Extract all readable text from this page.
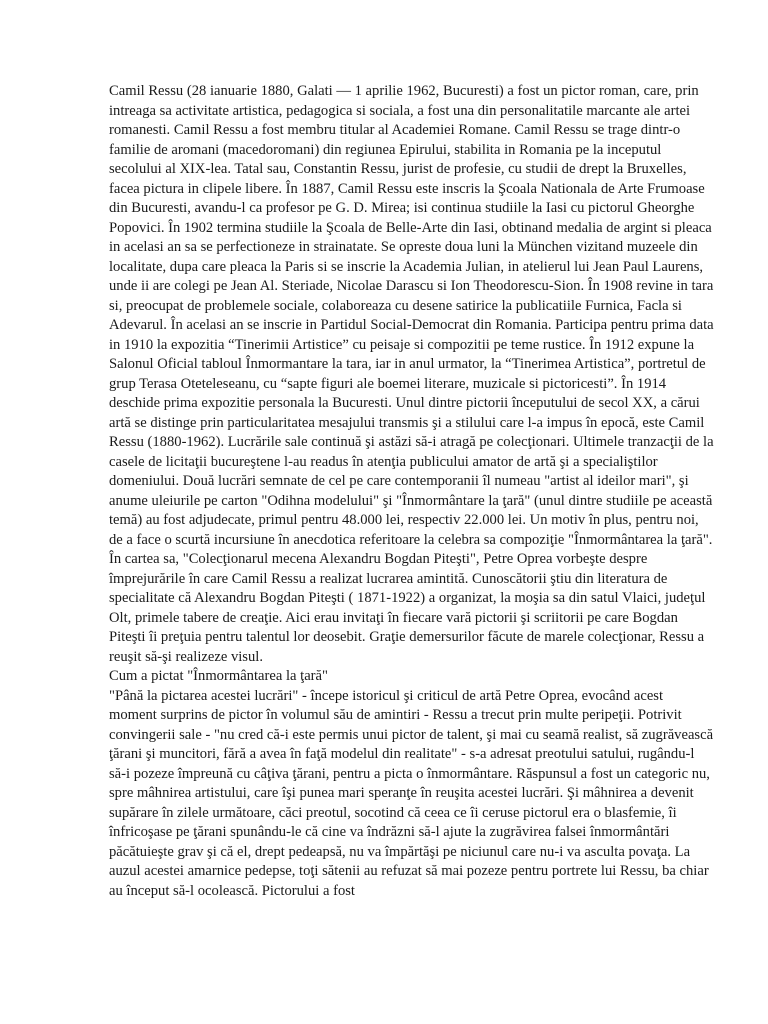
Camil Ressu (28 ianuarie 1880, Galati — 1 aprilie 1962, Bucuresti) a fost un pictor roman, care, prin intreaga sa activitate artistica, pedagogica si sociala, a fost una din personalitatile marcante ale artei romanesti. Camil Ressu a fost membru titular al Academiei Romane. Camil Ressu se trage dintr-o familie de aromani (macedoromani) din regiunea Epirului, stabilita in Romania pe la inceputul secolului al XIX-lea. Tatal sau, Constantin Ressu, jurist de profesie, cu studii de drept la Bruxelles, facea pictura in clipele libere. În 1887, Camil Ressu este inscris la Şcoala Nationala de Arte Frumoase din Bucuresti, avandu-l ca profesor pe G. D. Mirea; isi continua studiile la Iasi cu pictorul Gheorghe Popovici. În 1902 termina studiile la Şcoala de Belle-Arte din Iasi, obtinand medalia de argint si pleaca in acelasi an sa se perfectioneze in strainatate. Se opreste doua luni la München vizitand muzeele din localitate, dupa care pleaca la Paris si se inscrie la Academia Julian, in atelierul lui Jean Paul Laurens, unde ii are colegi pe Jean Al. Steriade, Nicolae Darascu si Ion Theodorescu-Sion. În 1908 revine in tara si, preocupat de problemele sociale, colaboreaza cu desene satirice la publicatiile Furnica, Facla si Adevarul. În acelasi an se inscrie in Partidul Social-Democrat din Romania. Participa pentru prima data in 1910 la expozitia “Tinerimii Artistice” cu peisaje si compozitii pe teme rustice. În 1912 expune la Salonul Oficial tabloul Înmormantare la tara, iar in anul urmator, la “Tinerimea Artistica”, portretul de grup Terasa Oteteleseanu, cu “sapte figuri ale boemei literare, muzicale si pictoricesti”. În 1914 deschide prima expozitie personala la Bucuresti. Unul dintre pictorii începutului de secol XX, a cărui artă se distinge prin particularitatea mesajului transmis şi a stilului care l-a impus în epocă, este Camil Ressu (1880-1962). Lucrările sale continuă şi astăzi să-i atragă pe colecţionari. Ultimele tranzacţii de la casele de licitaţii bucureştene l-au readus în atenţia publicului amator de artă şi a specialiştilor domeniului. Două lucrări semnate de cel pe care contemporanii îl numeau "artist al ideilor mari", şi anume uleiurile pe carton "Odihna modelului" şi "Înmormântare la ţară" (unul dintre studiile pe această temă) au fost adjudecate, primul pentru 48.000 lei, respectiv 22.000 lei. Un motiv în plus, pentru noi, de a face o scurtă incursiune în anecdotica referitoare la celebra sa compoziţie "Înmormântarea la ţară". În cartea sa, "Colecţionarul mecena Alexandru Bogdan Piteşti", Petre Oprea vorbeşte despre împrejurările în care Camil Ressu a realizat lucrarea amintită. Cunoscătorii ştiu din literatura de specialitate că Alexandru Bogdan Piteşti ( 1871-1922) a organizat, la moşia sa din satul Vlaici, judeţul Olt, primele tabere de creaţie. Aici erau invitaţi în fiecare vară pictorii şi scriitorii pe care Bogdan Piteşti îi preţuia pentru talentul lor deosebit. Graţie demersurilor făcute de marele colecţionar, Ressu a reuşit să-şi realizeze visul.

Cum a pictat "Înmormântarea la ţară"

"Până la pictarea acestei lucrări" - începe istoricul şi criticul de artă Petre Oprea, evocând acest moment surprins de pictor în volumul său de amintiri - Ressu a trecut prin multe peripeţii. Potrivit convingerii sale - "nu cred că-i este permis unui pictor de talent, şi mai cu seamă realist, să zugrăvească ţărani şi muncitori, fără a avea în faţă modelul din realitate" - s-a adresat preotului satului, rugându-l să-i pozeze împreună cu câţiva ţărani, pentru a picta o înmormântare. Răspunsul a fost un categoric nu, spre mâhnirea artistului, care îşi punea mari speranţe în reuşita acestei lucrări. Şi mâhnirea a devenit supărare în zilele următoare, căci preotul, socotind că ceea ce îi ceruse pictorul era o blasfemie, îi înfricoşase pe ţărani spunându-le că cine va îndrăzni să-l ajute la zugrăvirea falsei înmormântări păcătuieşte grav şi că el, drept pedeapsă, nu va împărtăşi pe niciunul care nu-i va asculta povaţa. La auzul acestei amarnice pedepse, toţi sătenii au refuzat să mai pozeze pentru portrete lui Ressu, ba chiar au început să-l ocolească. Pictorului a fost
